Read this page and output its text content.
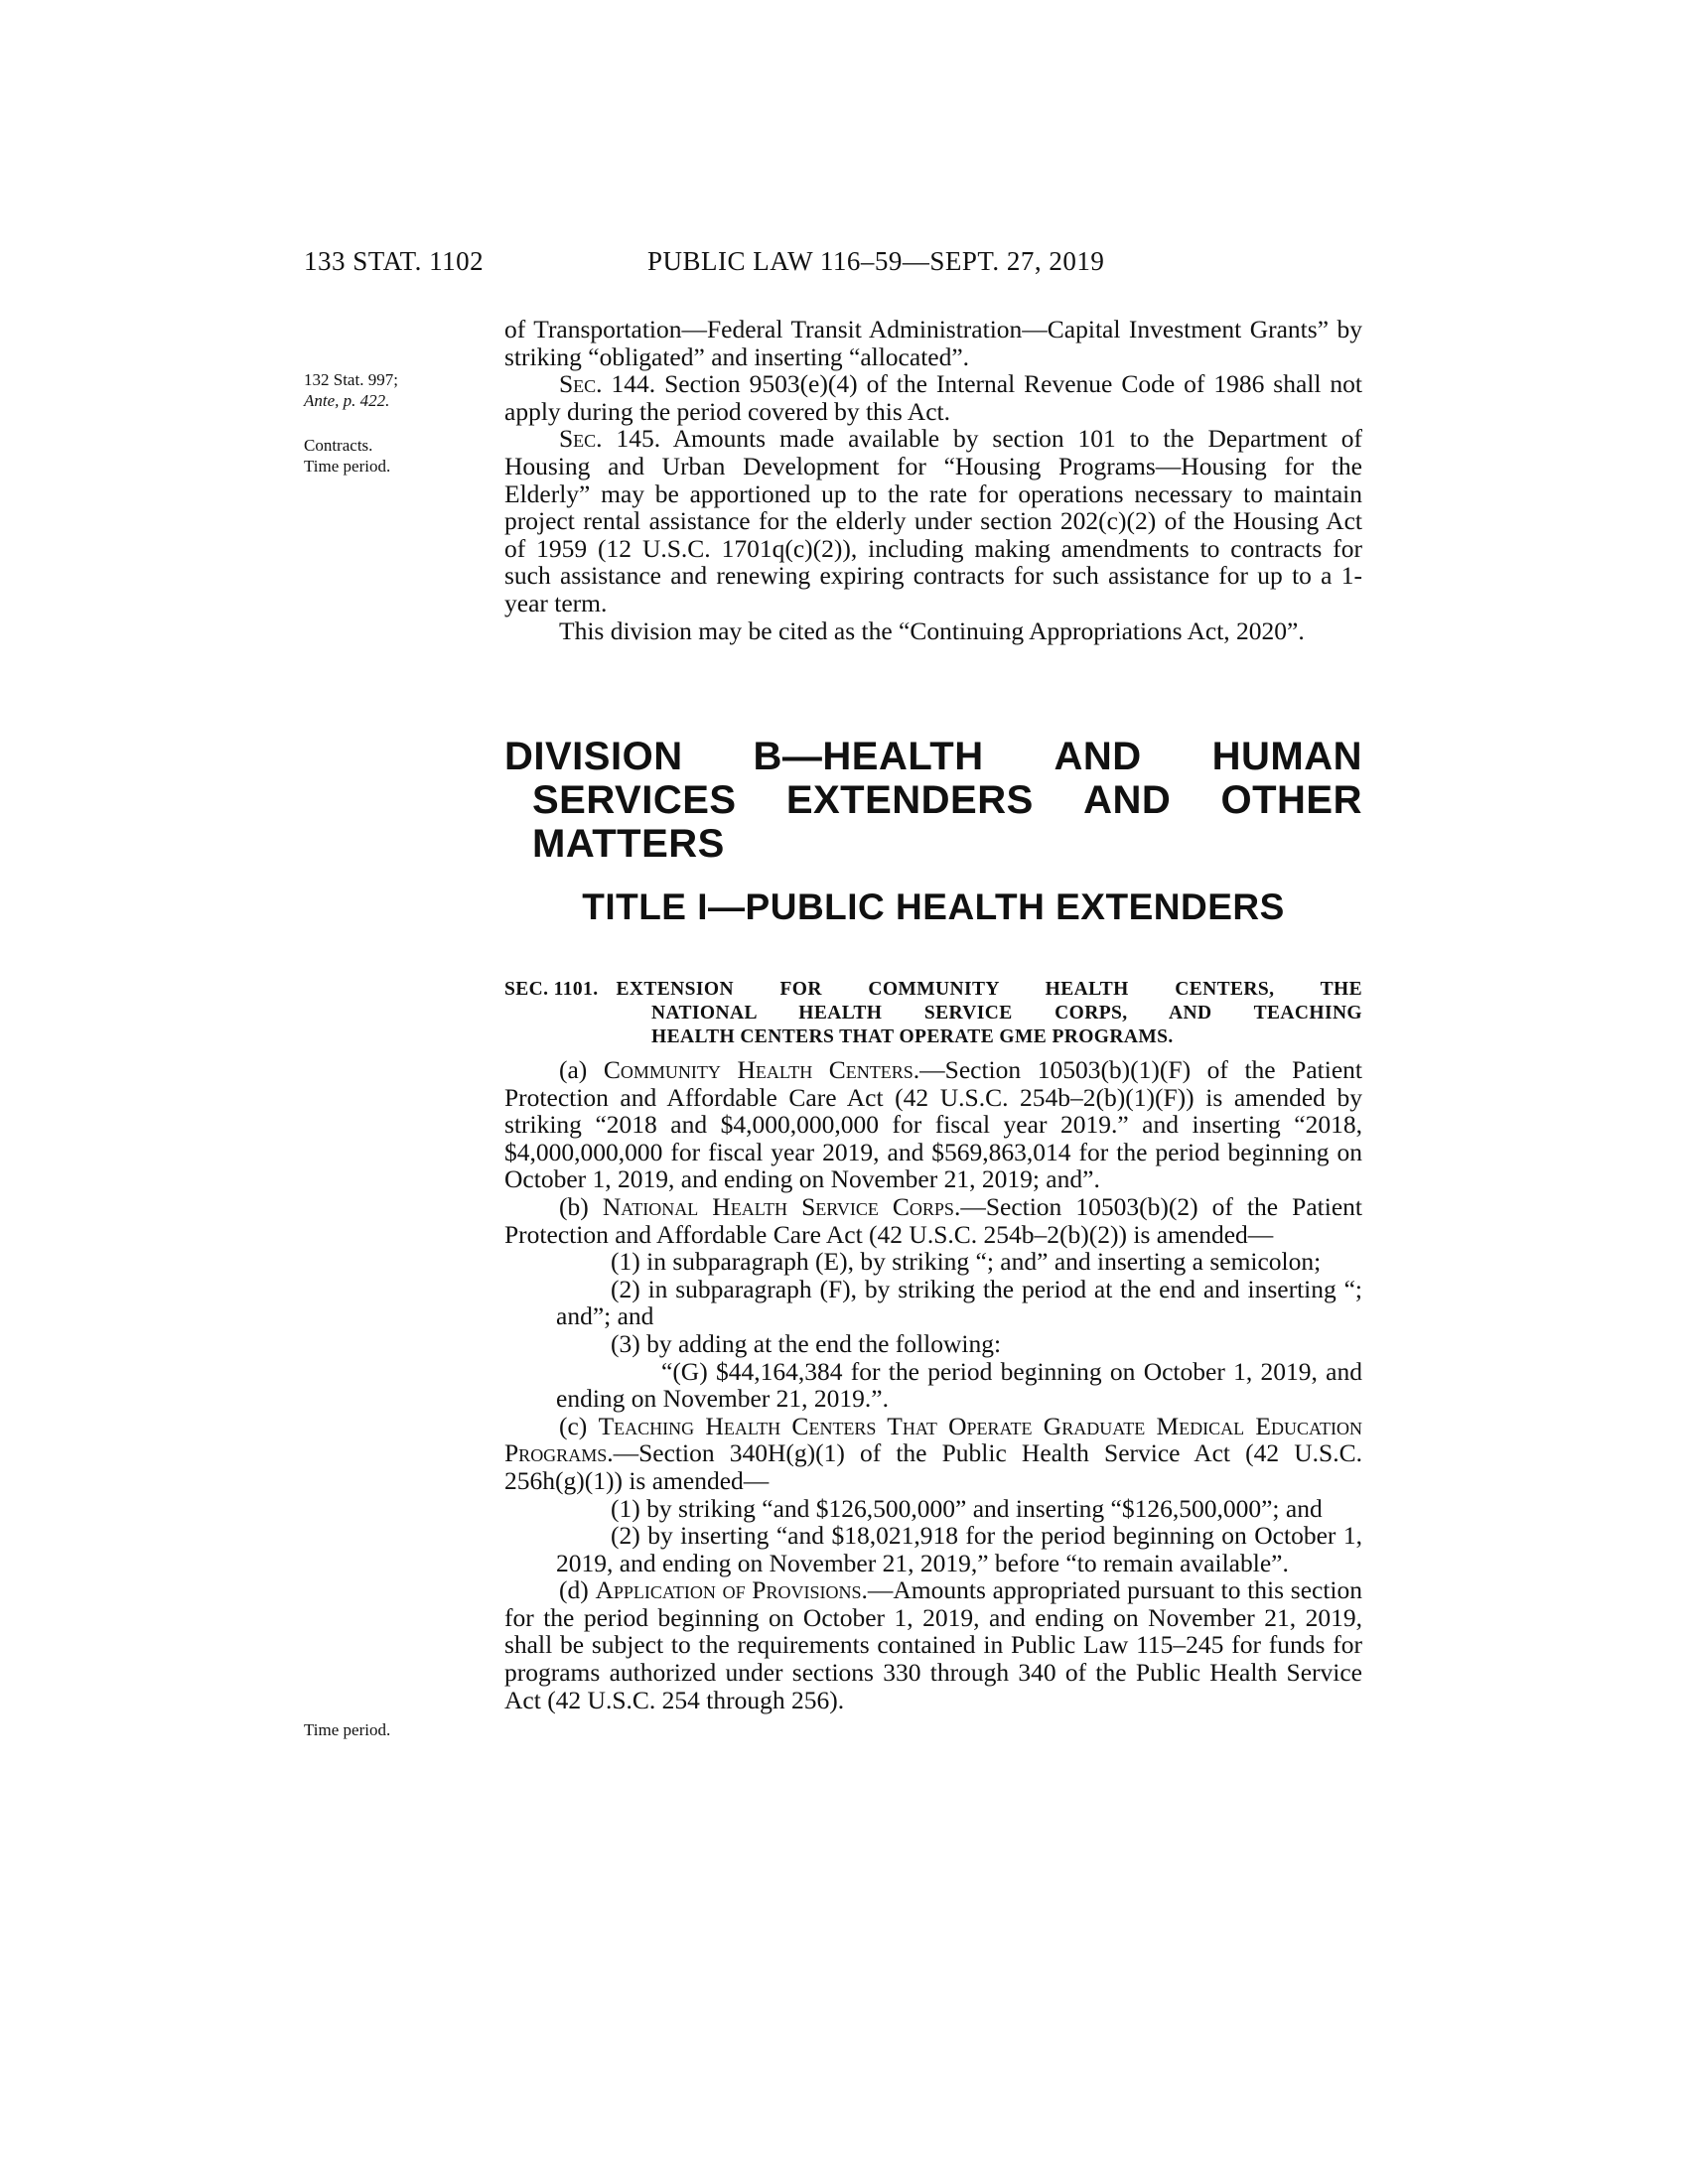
133 STAT. 1102	PUBLIC LAW 116–59—SEPT. 27, 2019
132 Stat. 997;
Ante, p. 422.
Contracts.
Time period.
Time period.

of Transportation—Federal Transit Administration—Capital Investment Grants” by striking “obligated” and inserting “allocated”.

Sec. 144. Section 9503(e)(4) of the Internal Revenue Code of 1986 shall not apply during the period covered by this Act.

Sec. 145. Amounts made available by section 101 to the Department of Housing and Urban Development for “Housing Programs—Housing for the Elderly” may be apportioned up to the rate for operations necessary to maintain project rental assistance for the elderly under section 202(c)(2) of the Housing Act of 1959 (12 U.S.C. 1701q(c)(2)), including making amendments to contracts for such assistance and renewing expiring contracts for such assistance for up to a 1-year term.

This division may be cited as the “Continuing Appropriations Act, 2020”.

DIVISION B—HEALTH AND HUMAN
SERVICES EXTENDERS AND OTHER
MATTERS
TITLE I—PUBLIC HEALTH EXTENDERS
SEC. 1101. EXTENSION FOR COMMUNITY HEALTH CENTERS, THE
NATIONAL HEALTH SERVICE CORPS, AND TEACHING
HEALTH CENTERS THAT OPERATE GME PROGRAMS.

(a) Community Health Centers.—Section 10503(b)(1)(F) of the Patient Protection and Affordable Care Act (42 U.S.C. 254b–2(b)(1)(F)) is amended by striking “2018 and $4,000,000,000 for fiscal year 2019.” and inserting “2018, $4,000,000,000 for fiscal year 2019, and $569,863,014 for the period beginning on October 1, 2019, and ending on November 21, 2019; and”.

(b) National Health Service Corps.—Section 10503(b)(2) of the Patient Protection and Affordable Care Act (42 U.S.C. 254b–2(b)(2)) is amended—

(1) in subparagraph (E), by striking “; and” and inserting a semicolon;

(2) in subparagraph (F), by striking the period at the end and inserting “; and”; and

(3) by adding at the end the following:

“(G) $44,164,384 for the period beginning on October 1, 2019, and ending on November 21, 2019.”.

(c) Teaching Health Centers That Operate Graduate Medical Education Programs.—Section 340H(g)(1) of the Public Health Service Act (42 U.S.C. 256h(g)(1)) is amended—

(1) by striking “and $126,500,000” and inserting “$126,500,000”; and

(2) by inserting “and $18,021,918 for the period beginning on October 1, 2019, and ending on November 21, 2019,” before “to remain available”.

(d) Application of Provisions.—Amounts appropriated pursuant to this section for the period beginning on October 1, 2019, and ending on November 21, 2019, shall be subject to the requirements contained in Public Law 115–245 for funds for programs authorized under sections 330 through 340 of the Public Health Service Act (42 U.S.C. 254 through 256).
